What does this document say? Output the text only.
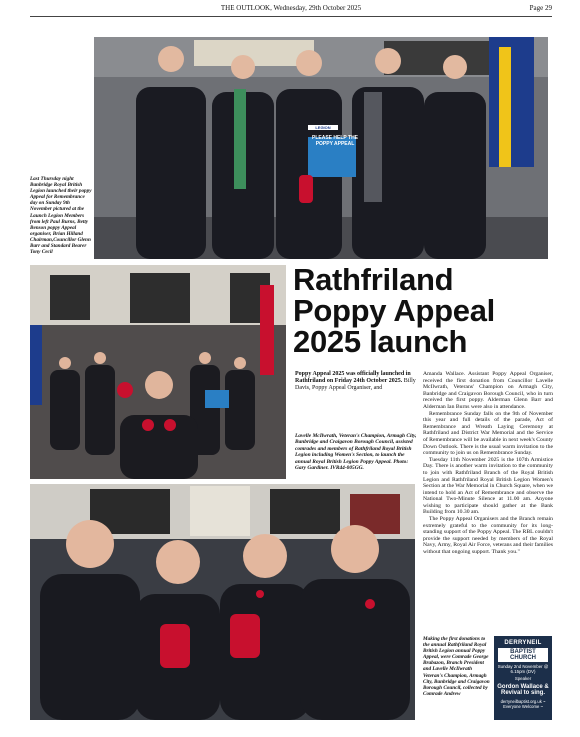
THE OUTLOOK, Wednesday, 29th October 2025	Page 29
PLEASE HELP THE POPPY APPEAL
LEGION
Last Thursday night Banbridge Royal British Legion launched their poppy Appeal for Remembrance day on Sunday 9th November pictured at the Launch Legion Members from left Paul Burns, Betty Benson poppy Appeal organiser, Brian Hilland Chairman,Councillor Glenn Barr and Standard Bearer Tony Cecil
Rathfriland
Poppy Appeal
2025 launch
Poppy Appeal 2025 was officially launched in Rathfriland on Friday 24th October 2025. Billy Davis, Poppy Appeal Organiser, and
Lavelle McIlwrath, Veteran's Champion, Armagh City, Banbridge and Craigavon Borough Council, assisted comrades and members of Rathfriland Royal British Legion including Women's Section, to launch the annual Royal British Legion Poppy Appeal. Photo: Gary Gardiner. IVR44-005GG.

Amanda Wallace. Assistant Poppy Appeal Organiser, received the first donation from Councillor Lavelle McIlwrath, Veterans' Champion on Armagh City, Banbridge and Craigavon Borough Council, who in turn received the first poppy. Alderman Glenn Barr and Alderman Ian Burns were also in attendance.

Remembrance Sunday falls on the 9th of November this year and full details of the parade, Act of Remembrance and Wreath Laying Ceremony at Rathfriland and District War Memorial and the Service of Remembrance will be available in next week's County Down Outlook. There is the usual warm invitation to the community to join us on Remembrance Sunday.

Tuesday 11th November 2025 is the 107th Armistice Day. There is another warm invitation to the community to join with Rathfriland Branch of the Royal British Legion and Rathfriland Royal British Legion Women's Section at the War Memorial in Church Square, when we intend to hold an Act of Remembrance and observe the National Two-Minute Silence at 11.00 am. Anyone wishing to participate should gather at the Bank Building from 10.30 am.

The Poppy Appeal Organisers and the Branch remain extremely grateful to the community for its long-standing support of the Poppy Appeal. The RBL couldn't provide the support needed by members of the Royal Navy, Army, Royal Air Force, veterans and their families without that ongoing support. Thank you."

Making the first donations to the annual Rathfriland Royal British Legion annual Poppy Appeal, were Comrade George Brabazon, Branch President and Lavelle McIlwrath Veteran's Champion, Armagh City, Banbridge and Craigavon Borough Council, collected by Comrade Andrew
DERRYNEIL
BAPTIST CHURCH
Sunday 2nd November @ 6.15pm (DV)
Speaker
Gordon Wallace & Revival to sing.
derryneilbaptist.org.uk ~ Everyone Welcome ~
